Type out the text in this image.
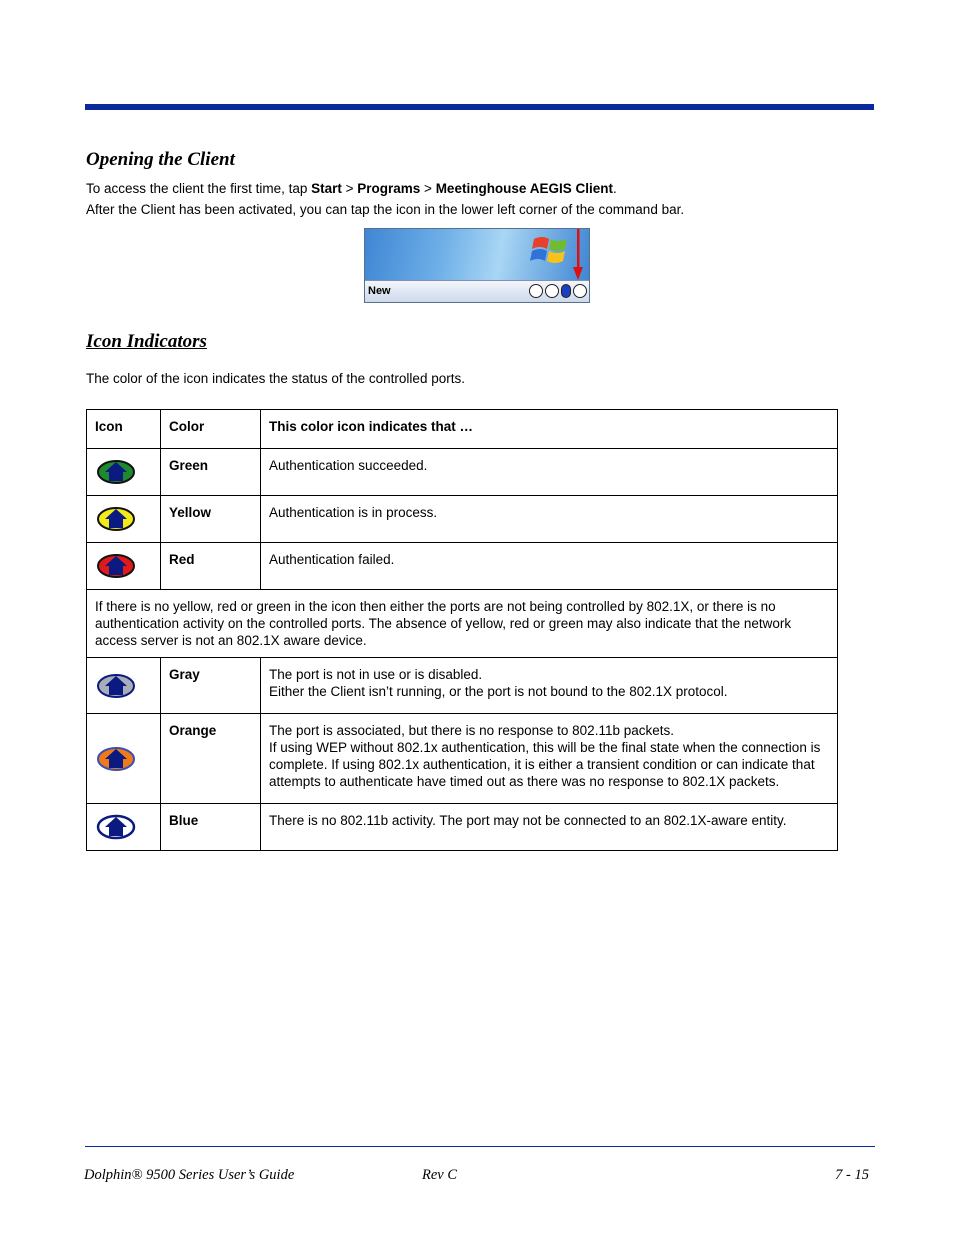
Opening the Client

To access the client the first time, tap Start > Programs > Meetinghouse AEGIS Client.

After the Client has been activated, you can tap the icon in the lower left corner of the command bar.

New
Icon Indicators

The color of the icon indicates the status of the controlled ports.

Icon	Color	This color icon indicates that …

	Green	Authentication succeeded.

	Yellow	Authentication is in process.

	Red	Authentication failed.
If there is no yellow, red or green in the icon then either the ports are not being controlled by 802.1X, or there is no authentication activity on the controlled ports. The absence of yellow, red or green may also indicate that the network access server is not an 802.1X aware device.		

	Gray	The port is not in use or is disabled.
Either the Client isn’t running, or the port is not bound to the 802.1X protocol.

	Orange	The port is associated, but there is no response to 802.11b packets.
If using WEP without 802.1x authentication, this will be the final state when the connection is complete. If using 802.1x authentication, it is either a transient condition or can indicate that attempts to authenticate have timed out as there was no response to 802.1X packets.

	Blue	There is no 802.11b activity. The port may not be connected to an 802.1X-aware entity.
Dolphin® 9500 Series User’s Guide	Rev C	7 - 15
